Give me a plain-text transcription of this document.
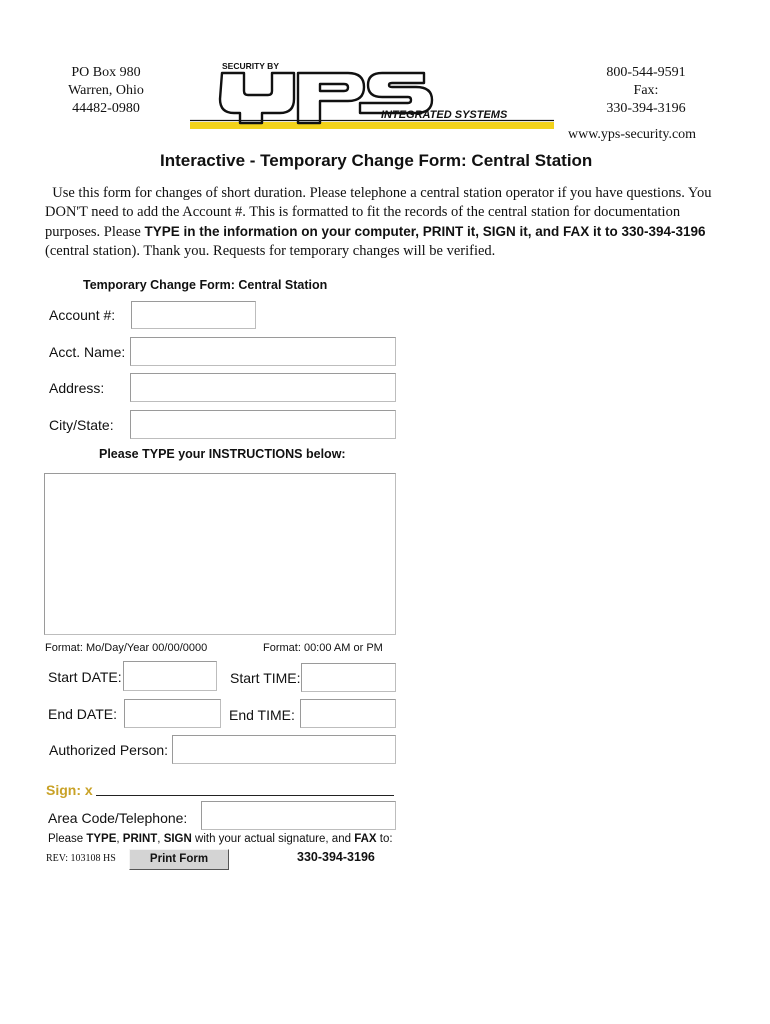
PO Box 980
Warren, Ohio
44482-0980
SECURITY BY
INTEGRATED SYSTEMS
800-544-9591
Fax:
330-394-3196
www.yps-security.com
Interactive - Temporary Change Form: Central Station
Use this form for changes of short duration. Please telephone a central station operator if you have questions. You DON'T need to add the Account #. This is formatted to fit the records of the central station for documentation purposes. Please TYPE in the information on your computer, PRINT it, SIGN it, and FAX it to 330-394-3196 (central station). Thank you. Requests for temporary changes will be verified.
Temporary Change Form: Central Station
Account #:
Acct. Name:
Address:
City/State:
Please TYPE your INSTRUCTIONS below:
Format: Mo/Day/Year 00/00/0000	Format: 00:00 AM or PM
Start DATE:	Start TIME:
End DATE:	End TIME:
Authorized Person:
Sign: x
Area Code/Telephone:
Please TYPE, PRINT, SIGN with your actual signature, and FAX to:
REV: 103108 HS	Print Form	330-394-3196
